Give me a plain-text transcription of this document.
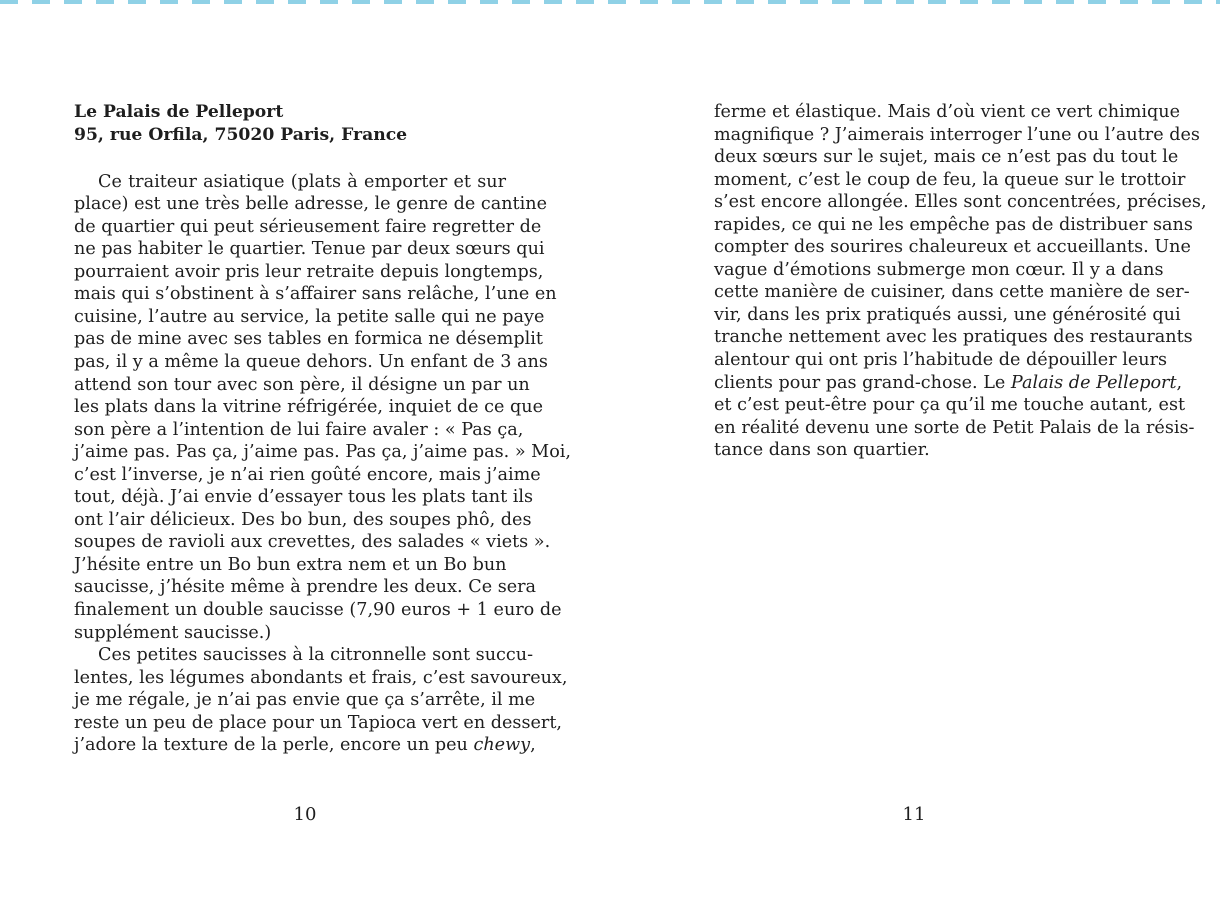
Le Palais de Pelleport

95, rue Orfila, 75020 Paris, France

Ce traiteur asiatique (plats à emporter et sur
place) est une très belle adresse, le genre de cantine
de quartier qui peut sérieusement faire regretter de
ne pas habiter le quartier. Tenue par deux sœurs qui
pourraient avoir pris leur retraite depuis longtemps,
mais qui s’obstinent à s’affairer sans relâche, l’une en
cuisine, l’autre au service, la petite salle qui ne paye
pas de mine avec ses tables en formica ne désemplit
pas, il y a même la queue dehors. Un enfant de 3 ans
attend son tour avec son père, il désigne un par un
les plats dans la vitrine réfrigérée, inquiet de ce que
son père a l’intention de lui faire avaler : « Pas ça,
j’aime pas. Pas ça, j’aime pas. Pas ça, j’aime pas. » Moi,
c’est l’inverse, je n’ai rien goûté encore, mais j’aime
tout, déjà. J’ai envie d’essayer tous les plats tant ils
ont l’air délicieux. Des bo bun, des soupes phô, des
soupes de ravioli aux crevettes, des salades « viets ».
J’hésite entre un Bo bun extra nem et un Bo bun
saucisse, j’hésite même à prendre les deux. Ce sera
finalement un double saucisse (7,90 euros + 1 euro de
supplément saucisse.)
Ces petites saucisses à la citronnelle sont succu-
lentes, les légumes abondants et frais, c’est savoureux,
je me régale, je n’ai pas envie que ça s’arrête, il me
reste un peu de place pour un Tapioca vert en dessert,
j’adore la texture de la perle, encore un peu chewy,
ferme et élastique. Mais d’où vient ce vert chimique
magnifique ? J’aimerais interroger l’une ou l’autre des
deux sœurs sur le sujet, mais ce n’est pas du tout le
moment, c’est le coup de feu, la queue sur le trottoir
s’est encore allongée. Elles sont concentrées, précises,
rapides, ce qui ne les empêche pas de distribuer sans
compter des sourires chaleureux et accueillants. Une
vague d’émotions submerge mon cœur. Il y a dans
cette manière de cuisiner, dans cette manière de ser-
vir, dans les prix pratiqués aussi, une générosité qui
tranche nettement avec les pratiques des restaurants
alentour qui ont pris l’habitude de dépouiller leurs
clients pour pas grand-chose. Le Palais de Pelleport,
et c’est peut-être pour ça qu’il me touche autant, est
en réalité devenu une sorte de Petit Palais de la résis-
tance dans son quartier.
10	11
